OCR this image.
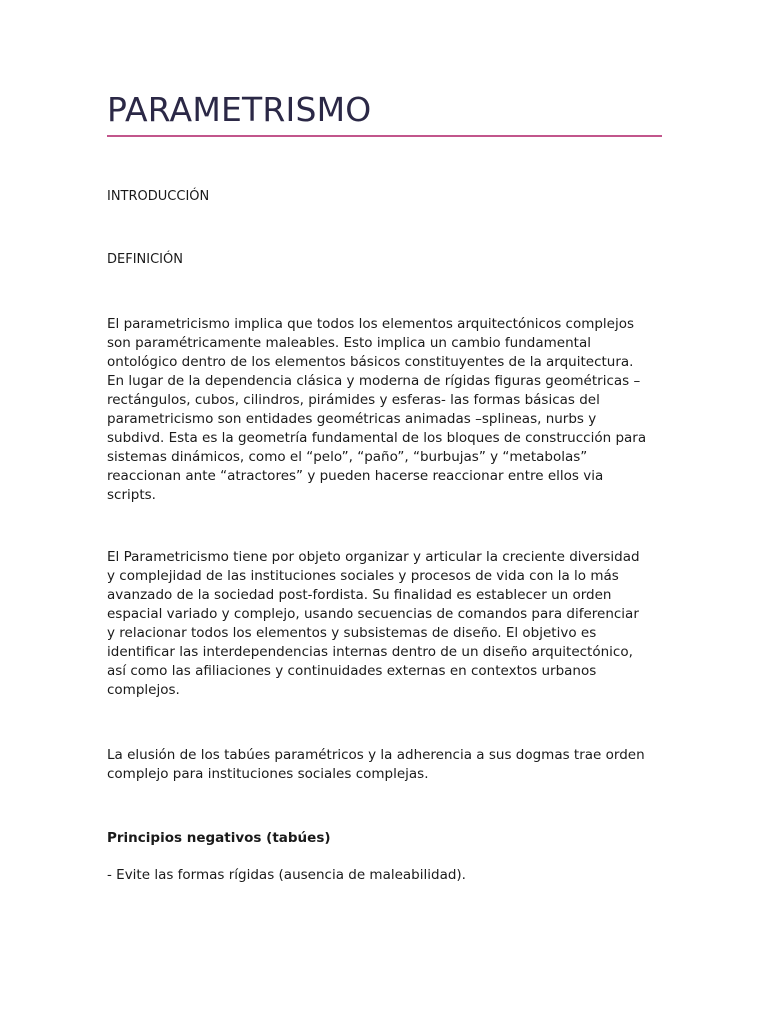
PARAMETRISMO

INTRODUCCIÓN

DEFINICIÓN

El parametricismo implica que todos los elementos arquitectónicos complejos
son paramétricamente maleables. Esto implica un cambio fundamental
ontológico dentro de los elementos básicos constituyentes de la arquitectura.
En lugar de la dependencia clásica y moderna de rígidas figuras geométricas –
rectángulos, cubos, cilindros, pirámides y esferas- las formas básicas del
parametricismo son entidades geométricas animadas –splineas, nurbs y
subdivd. Esta es la geometría fundamental de los bloques de construcción para
sistemas dinámicos, como el “pelo”, “paño”, “burbujas” y “metabolas”
reaccionan ante “atractores” y pueden hacerse reaccionar entre ellos via
scripts.
El Parametricismo tiene por objeto organizar y articular la creciente diversidad
y complejidad de las instituciones sociales y procesos de vida con la lo más
avanzado de la sociedad post-fordista. Su finalidad es establecer un orden
espacial variado y complejo, usando secuencias de comandos para diferenciar
y relacionar todos los elementos y subsistemas de diseño. El objetivo es
identificar las interdependencias internas dentro de un diseño arquitectónico,
así como las afiliaciones y continuidades externas en contextos urbanos
complejos.
La elusión de los tabúes paramétricos y la adherencia a sus dogmas trae orden
complejo para instituciones sociales complejas.

Principios negativos (tabúes)

- Evite las formas rígidas (ausencia de maleabilidad).
